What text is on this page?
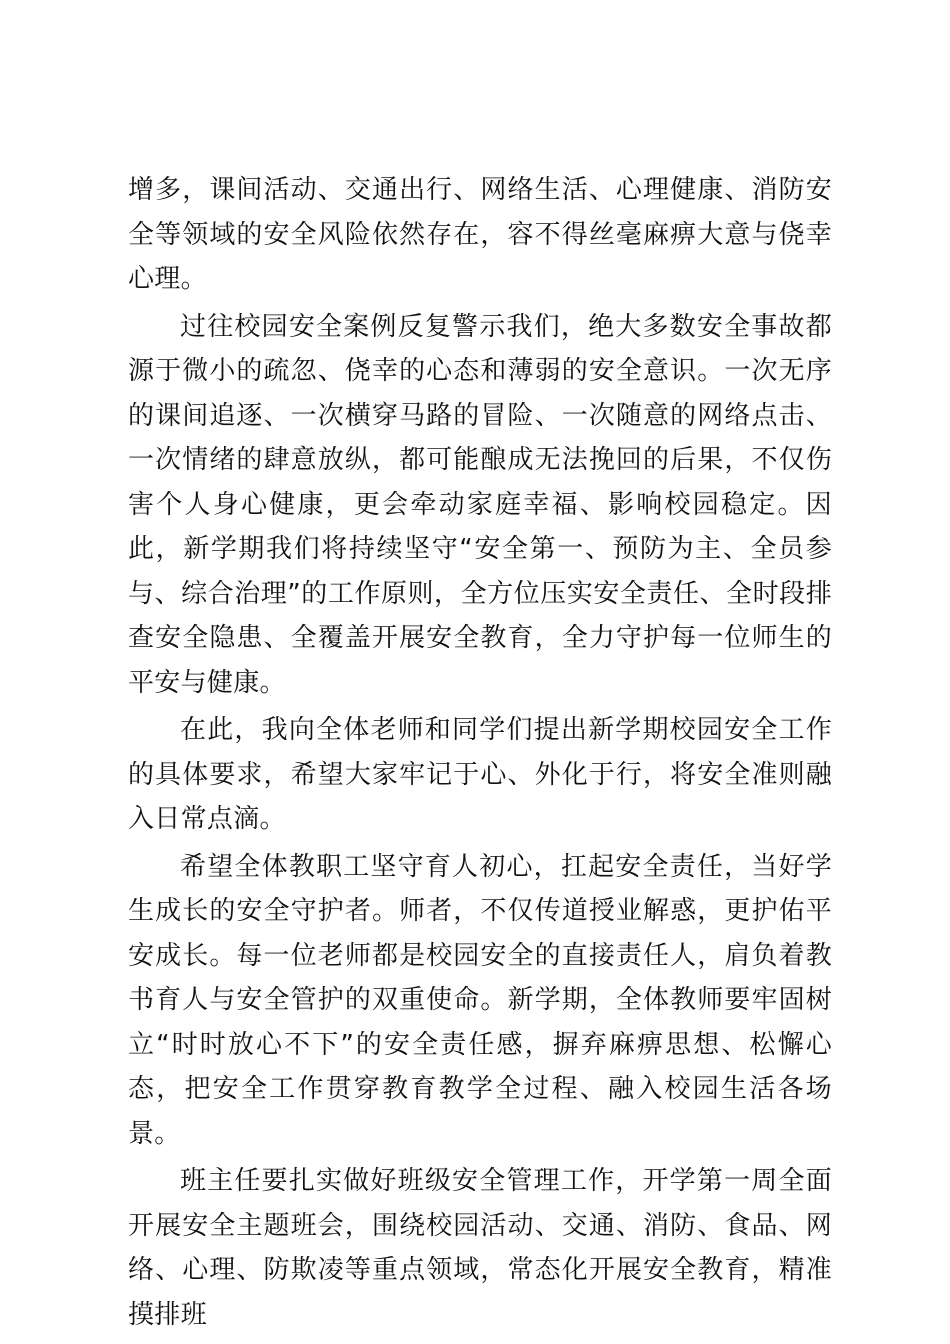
增多，课间活动、交通出行、网络生活、心理健康、消防安全等领域的安全风险依然存在，容不得丝毫麻痹大意与侥幸心理。

过往校园安全案例反复警示我们，绝大多数安全事故都源于微小的疏忽、侥幸的心态和薄弱的安全意识。一次无序的课间追逐、一次横穿马路的冒险、一次随意的网络点击、一次情绪的肆意放纵，都可能酿成无法挽回的后果，不仅伤害个人身心健康，更会牵动家庭幸福、影响校园稳定。因此，新学期我们将持续坚守“安全第一、预防为主、全员参与、综合治理”的工作原则，全方位压实安全责任、全时段排查安全隐患、全覆盖开展安全教育，全力守护每一位师生的平安与健康。

在此，我向全体老师和同学们提出新学期校园安全工作的具体要求，希望大家牢记于心、外化于行，将安全准则融入日常点滴。

希望全体教职工坚守育人初心，扛起安全责任，当好学生成长的安全守护者。师者，不仅传道授业解惑，更护佑平安成长。每一位老师都是校园安全的直接责任人，肩负着教书育人与安全管护的双重使命。新学期，全体教师要牢固树立“时时放心不下”的安全责任感，摒弃麻痹思想、松懈心态，把安全工作贯穿教育教学全过程、融入校园生活各场景。

班主任要扎实做好班级安全管理工作，开学第一周全面开展安全主题班会，围绕校园活动、交通、消防、食品、网络、心理、防欺凌等重点领域，常态化开展安全教育，精准摸排班
